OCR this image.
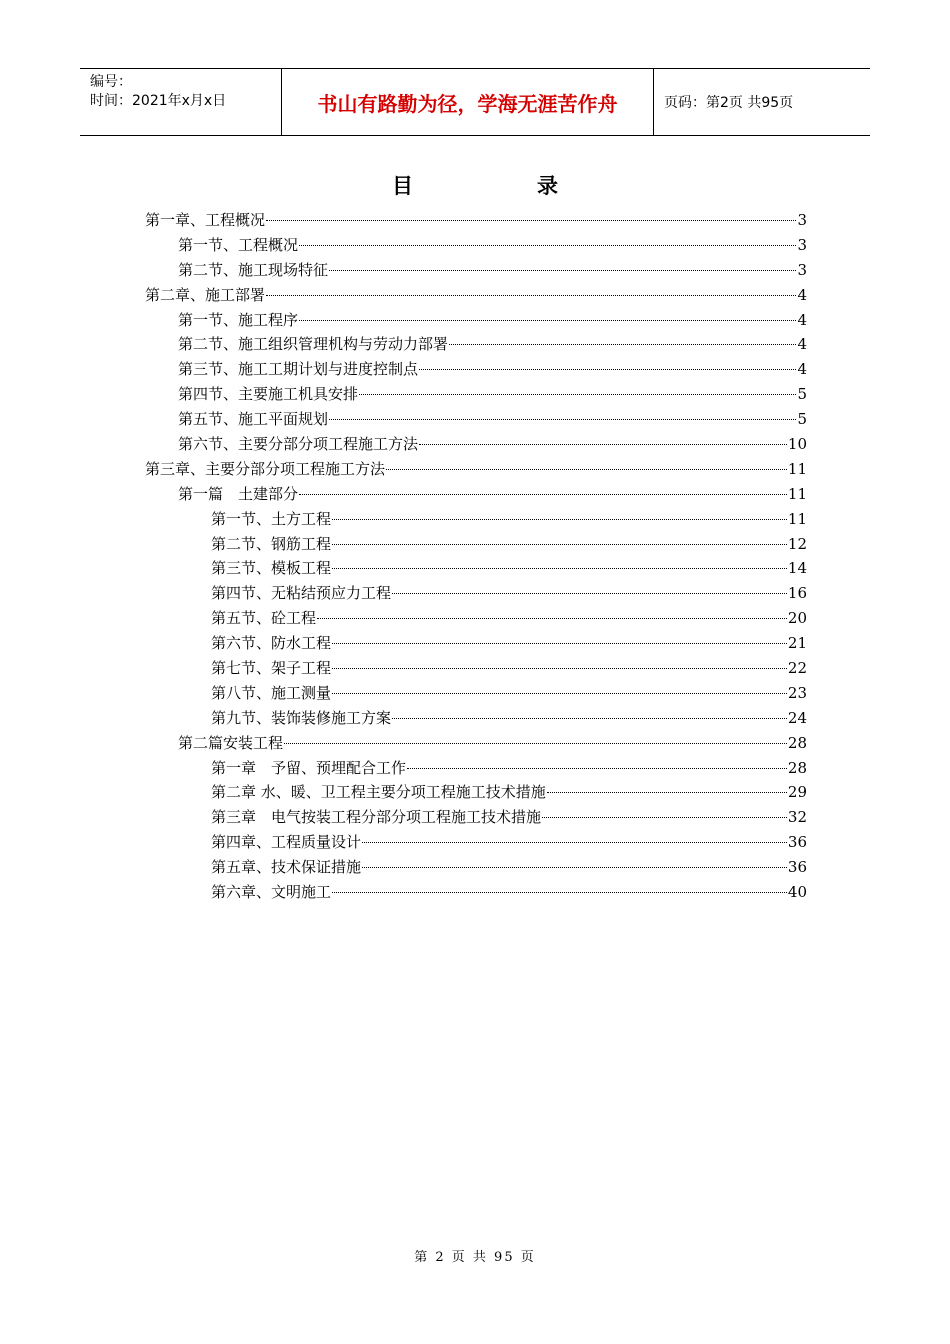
编号：
时间：2021年x月x日	书山有路勤为径，学海无涯苦作舟	页码：第2页 共95页
目录
第一章、工程概况	3
第一节、工程概况	3
第二节、施工现场特征	3
第二章、施工部署	4
第一节、施工程序	4
第二节、施工组织管理机构与劳动力部署	4
第三节、施工工期计划与进度控制点	4
第四节、主要施工机具安排	5
第五节、施工平面规划	5
第六节、主要分部分项工程施工方法	10
第三章、主要分部分项工程施工方法	11
第一篇　土建部分	11
第一节、土方工程	11
第二节、钢筋工程	12
第三节、模板工程	14
第四节、无粘结预应力工程	16
第五节、砼工程	20
第六节、防水工程	21
第七节、架子工程	22
第八节、施工测量	23
第九节、装饰装修施工方案	24
第二篇安装工程	28
第一章　予留、预埋配合工作	28
第二章 水、暖、卫工程主要分项工程施工技术措施	29
第三章　电气按装工程分部分项工程施工技术措施	32
第四章、工程质量设计	36
第五章、技术保证措施	36
第六章、文明施工	40
第 2 页 共 95 页
